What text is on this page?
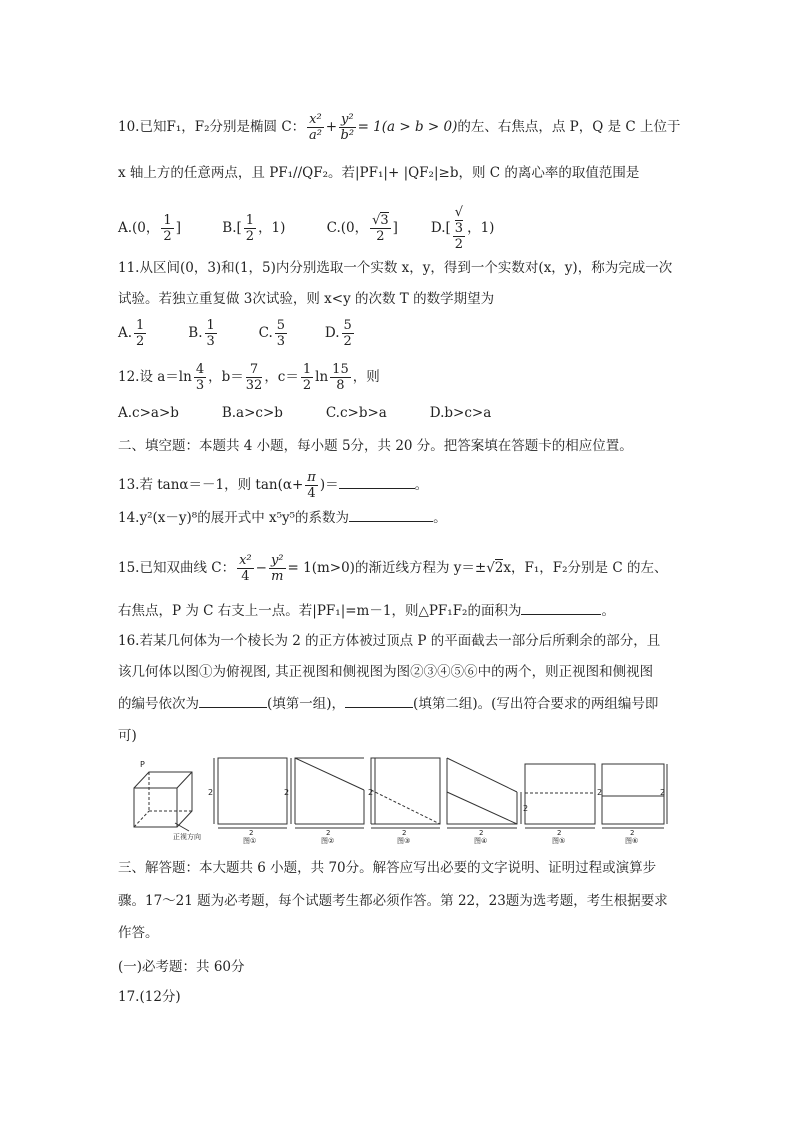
10.已知F₁，F₂分别是椭圆 C： $\frac{\text{x²}}{\text{a²}} + \frac{\text{y²}}{\text{b²}} = 1(a > b > 0)$的左、右焦点，点 P，Q 是 C 上位于
x 轴上方的任意两点，且 PF₁//QF₂。若|PF₁|+ |QF₂|≥b，则 C 的离心率的取值范围是
A.(0， $\frac{1}{2}$ ]	$B.[ \frac{1}{2}$ ，1)	C.(0， $\frac{√3}{2}$ ] D.[ √
3
2 ，1)
11.从区间(0，3)和(1，5)内分别选取一个实数 x，y，得到一个实数对(x，y)，称为完成一次
试验。若独立重复做 3次试验，则 x<y 的次数 T 的数学期望为
A. $\frac{1}{2}$	B. $\frac{1}{3}$	C. $\frac{5}{3}$	D. $\frac{5}{2}$
12.设 $a=\ln \frac{4}{3}$ ，$b= \frac{7}{32}$ ，$c= \frac{1}{2}$ $\ln \frac{15}{8}$ ，则
A.c>a>b          B.a>c>b          C.c>b>a          D.b>c>a
二、填空题：本题共 4 小题，每小题 5分，共 20 分。把答案填在答题卡的相应位置。
13.若 tanα＝－1，则 $\tan(\alpha+ \frac{\pi}{4}$ )＝	。
14.y²(x－y)⁸的展开式中 x⁵y⁵的系数为	。
15.已知双曲线 C： $\frac{\text{x²}}{4} - \frac{\text{y²}}{m} = 1(m>0)$的渐近线方程为 y＝±√2x，F₁，F₂分别是 C 的左、
右焦点，P 为 C 右支上一点。若|PF₁|=m－1，则△PF₁F₂的面积为	。
16.若某几何体为一个棱长为 2 的正方体被过顶点 P 的平面截去一部分后所剩余的部分，且
该几何体以图①为俯视图, 其正视图和侧视图为图②③④⑤⑥中的两个，则正视图和侧视图
的编号依次为	(填第一组)，	(填第二组)。(写出符合要求的两组编号即
可)
P
正视方向
2
2
图①
2
2
图②
2
2
图③
2
2
图④
2
2
图⑤
2
2
图⑥
三、解答题：本大题共 6 小题，共 70分。解答应写出必要的文字说明、证明过程或演算步
骤。17～21 题为必考题，每个试题考生都必须作答。第 22，23题为选考题，考生根据要求
作答。
(一)必考题：共 60分
17.(12分)
